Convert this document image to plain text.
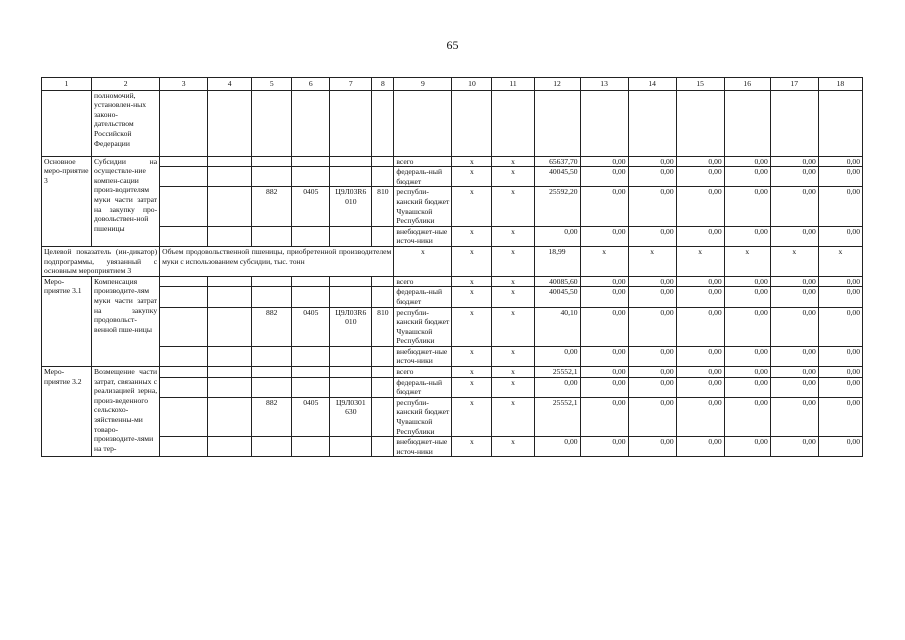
65
1	2	3	4	5	6	7	8	9	10	11	12	13	14	15	16	17	18
	полномочий, установлен-ных законо-дательством Российской Федерации																
Основное меро-приятие 3	Субсидии на осуществле-ние компен-сации произ-водителям муки части затрат на закупку про-довольствен-ной пшеницы							всего	x	x	65637,70	0,00	0,00	0,00	0,00	0,00	0,00
								федераль-ный бюджет	x	x	40045,50	0,00	0,00	0,00	0,00	0,00	0,00
				882	0405	Ц9Л03R6 010	810	республи-канский бюджет Чувашской Республики	x	x	25592,20	0,00	0,00	0,00	0,00	0,00	0,00
								внебюджет-ные источ-ники	x	x	0,00	0,00	0,00	0,00	0,00	0,00	0,00
Целевой показатель (ин-дикатор) подпрограммы, увязанный с основным мероприятием 3		Объем продовольственной пшеницы, приобретенной производителем муки с использованием субсидии, тыс. тонн						x	x	x	18,99	x	x	x	x	x	x
Меро-приятие 3.1	Компенсация производите-лям муки части затрат на закупку продовольст-венной пше-ницы							всего	x	x	40085,60	0,00	0,00	0,00	0,00	0,00	0,00
								федераль-ный бюджет	x	x	40045,50	0,00	0,00	0,00	0,00	0,00	0,00
				882	0405	Ц9Л03R6 010	810	республи-канский бюджет Чувашской Республики	x	x	40,10	0,00	0,00	0,00	0,00	0,00	0,00
								внебюджет-ные источ-ники	x	x	0,00	0,00	0,00	0,00	0,00	0,00	0,00
Меро-приятие 3.2	Возмещение части затрат, связанных с реализацией зерна, произ-веденного сельскохо-зяйственны-ми товаро-производите-лями на тер-							всего	x	x	25552,1	0,00	0,00	0,00	0,00	0,00	0,00
								федераль-ный бюджет	x	x	0,00	0,00	0,00	0,00	0,00	0,00	0,00
				882	0405	Ц9Л0301 630		республи-канский бюджет Чувашской Республики	x	x	25552,1	0,00	0,00	0,00	0,00	0,00	0,00
								внебюджет-ные источ-ники	x	x	0,00	0,00	0,00	0,00	0,00	0,00	0,00
